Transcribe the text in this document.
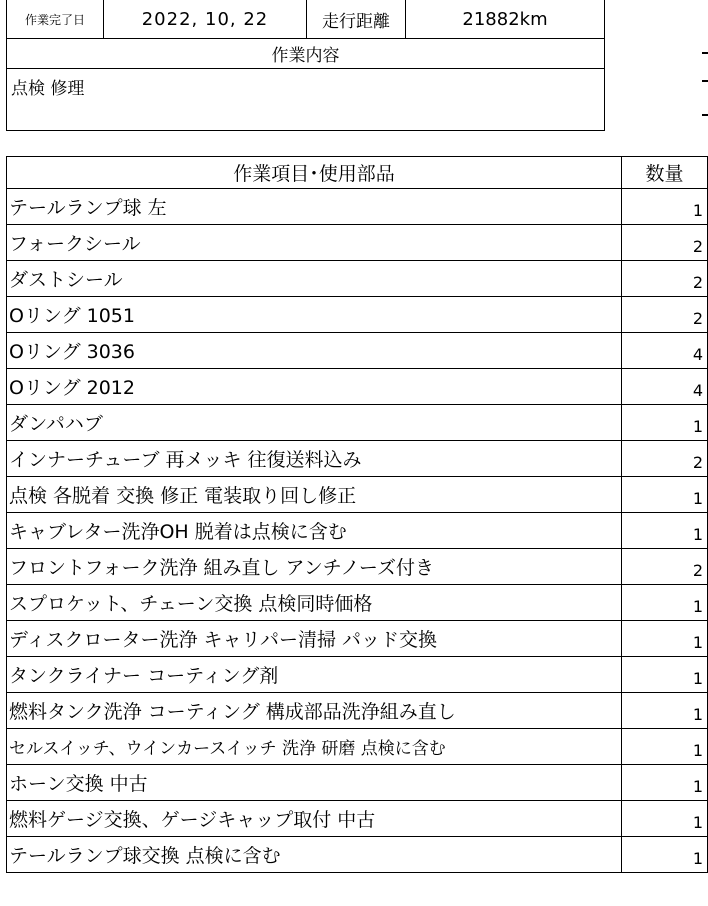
作業完了日	2022, 10, 22	走行距離	21882km
作業内容
点検 修理
作業項目･使用部品	数量
テールランプ球 左	1
フォークシール	2
ダストシール	2
Oリング 1051	2
Oリング 3036	4
Oリング 2012	4
ダンパハブ	1
インナーチューブ 再メッキ 往復送料込み	2
点検 各脱着 交換 修正 電装取り回し修正	1
キャブレター洗浄OH 脱着は点検に含む	1
フロントフォーク洗浄 組み直し アンチノーズ付き	2
スプロケット、チェーン交換 点検同時価格	1
ディスクローター洗浄 キャリパー清掃 パッド交換	1
タンクライナー コーティング剤	1
燃料タンク洗浄 コーティング 構成部品洗浄組み直し	1
セルスイッチ、ウインカースイッチ 洗浄 研磨 点検に含む	1
ホーン交換 中古	1
燃料ゲージ交換、ゲージキャップ取付 中古	1
テールランプ球交換 点検に含む	1
